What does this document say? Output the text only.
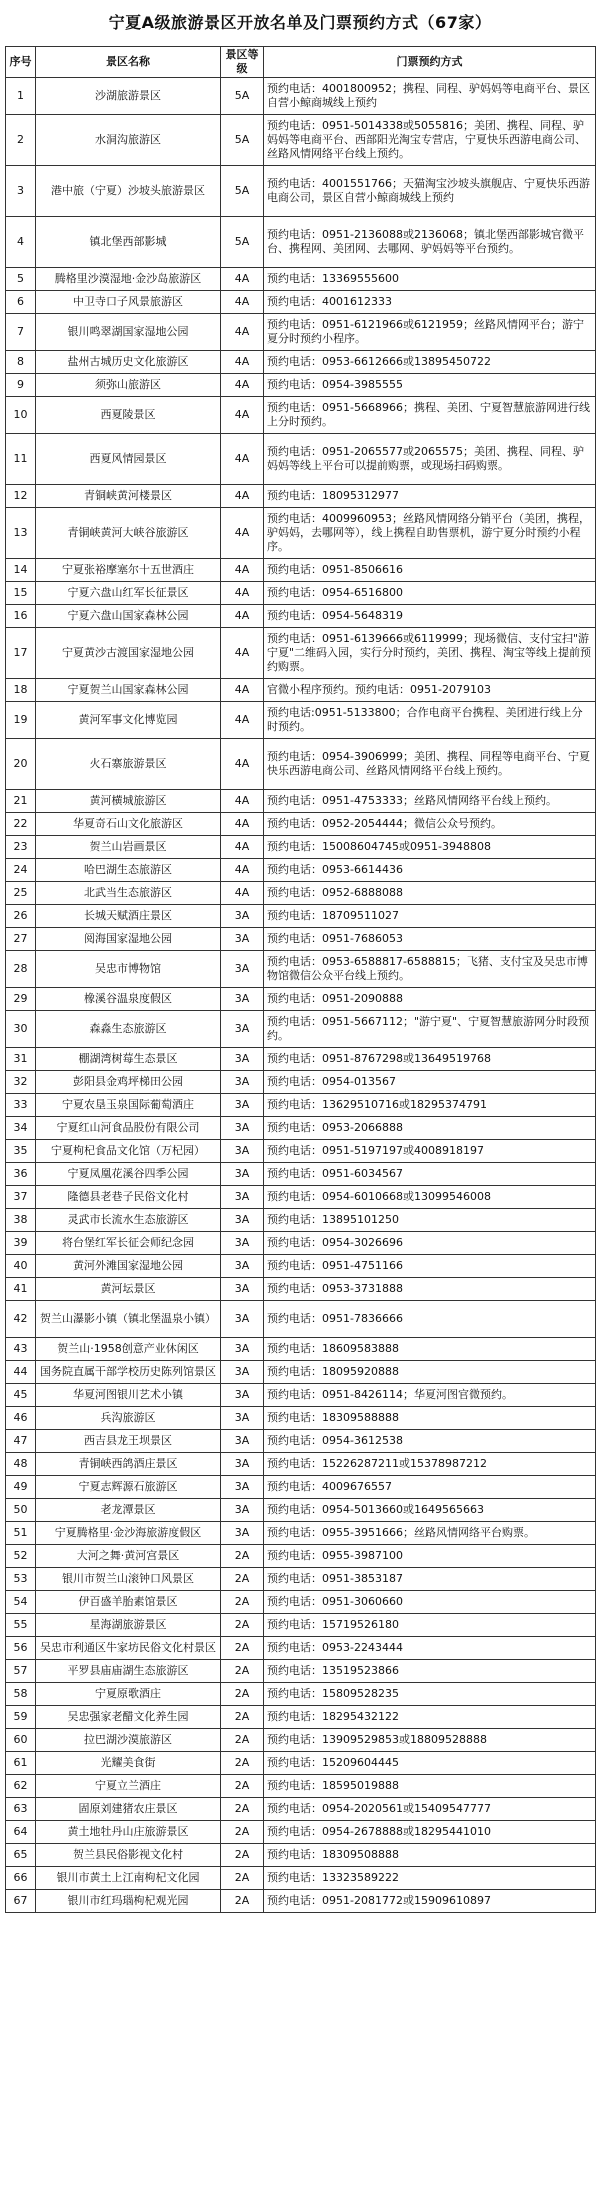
宁夏A级旅游景区开放名单及门票预约方式（67家）
序号	景区名称	景区等级	门票预约方式
1	沙湖旅游景区	5A	预约电话：4001800952；携程、同程、驴妈妈等电商平台、景区自营小鲸商城线上预约
2	水洞沟旅游区	5A	预约电话：0951-5014338或5055816；美团、携程、同程、驴妈妈等电商平台、西部阳光淘宝专营店，宁夏快乐西游电商公司、丝路风情网络平台线上预约。
3	港中旅（宁夏）沙坡头旅游景区	5A	预约电话：4001551766；天猫淘宝沙坡头旗舰店、宁夏快乐西游电商公司，景区自营小鲸商城线上预约
4	镇北堡西部影城	5A	预约电话：0951-2136088或2136068；镇北堡西部影城官微平台、携程网、美团网、去哪网、驴妈妈等平台预约。
5	腾格里沙漠湿地·金沙岛旅游区	4A	预约电话：13369555600
6	中卫寺口子风景旅游区	4A	预约电话：4001612333
7	银川鸣翠湖国家湿地公园	4A	预约电话：0951-6121966或6121959；丝路风情网平台；游宁夏分时预约小程序。
8	盐州古城历史文化旅游区	4A	预约电话：0953-6612666或13895450722
9	须弥山旅游区	4A	预约电话：0954-3985555
10	西夏陵景区	4A	预约电话：0951-5668966；携程、美团、宁夏智慧旅游网进行线上分时预约。
11	西夏风情园景区	4A	预约电话：0951-2065577或2065575；美团、携程、同程、驴妈妈等线上平台可以提前购票，或现场扫码购票。
12	青铜峡黄河楼景区	4A	预约电话：18095312977
13	青铜峡黄河大峡谷旅游区	4A	预约电话：4009960953；丝路风情网络分销平台（美团，携程，驴妈妈，去哪网等），线上携程自助售票机，游宁夏分时预约小程序。
14	宁夏张裕摩塞尔十五世酒庄	4A	预约电话：0951-8506616
15	宁夏六盘山红军长征景区	4A	预约电话：0954-6516800
16	宁夏六盘山国家森林公园	4A	预约电话：0954-5648319
17	宁夏黄沙古渡国家湿地公园	4A	预约电话：0951-6139666或6119999；现场微信、支付宝扫"游宁夏"二维码入园，实行分时预约，美团、携程、淘宝等线上提前预约购票。
18	宁夏贺兰山国家森林公园	4A	官微小程序预约。预约电话：0951-2079103
19	黄河军事文化博览园	4A	预约电话:0951-5133800；合作电商平台携程、美团进行线上分时预约。
20	火石寨旅游景区	4A	预约电话：0954-3906999；美团、携程、同程等电商平台、宁夏快乐西游电商公司、丝路风情网络平台线上预约。
21	黄河横城旅游区	4A	预约电话：0951-4753333；丝路风情网络平台线上预约。
22	华夏奇石山文化旅游区	4A	预约电话：0952-2054444；微信公众号预约。
23	贺兰山岩画景区	4A	预约电话：15008604745或0951-3948808
24	哈巴湖生态旅游区	4A	预约电话：0953-6614436
25	北武当生态旅游区	4A	预约电话：0952-6888088
26	长城天赋酒庄景区	3A	预约电话：18709511027
27	阅海国家湿地公园	3A	预约电话：0951-7686053
28	吴忠市博物馆	3A	预约电话：0953-6588817-6588815；飞猪、支付宝及吴忠市博物馆微信公众平台线上预约。
29	橡溪谷温泉度假区	3A	预约电话：0951-2090888
30	森淼生态旅游区	3A	预约电话：0951-5667112；"游宁夏"、宁夏智慧旅游网分时段预约。
31	棚湖湾树莓生态景区	3A	预约电话：0951-8767298或13649519768
32	彭阳县金鸡坪梯田公园	3A	预约电话：0954-013567
33	宁夏农垦玉泉国际葡萄酒庄	3A	预约电话：13629510716或18295374791
34	宁夏红山河食品股份有限公司	3A	预约电话：0953-2066888
35	宁夏枸杞食品文化馆（万杞园）	3A	预约电话：0951-5197197或4008918197
36	宁夏凤凰花溪谷四季公园	3A	预约电话：0951-6034567
37	隆德县老巷子民俗文化村	3A	预约电话：0954-6010668或13099546008
38	灵武市长流水生态旅游区	3A	预约电话：13895101250
39	将台堡红军长征会师纪念园	3A	预约电话：0954-3026696
40	黄河外滩国家湿地公园	3A	预约电话：0951-4751166
41	黄河坛景区	3A	预约电话：0953-3731888
42	贺兰山瀑影小镇（镇北堡温泉小镇）	3A	预约电话：0951-7836666
43	贺兰山·1958创意产业休闲区	3A	预约电话：18609583888
44	国务院直属干部学校历史陈列馆景区	3A	预约电话：18095920888
45	华夏河图银川艺术小镇	3A	预约电话：0951-8426114；华夏河图官微预约。
46	兵沟旅游区	3A	预约电话：18309588888
47	西吉县龙王坝景区	3A	预约电话：0954-3612538
48	青铜峡西鸽酒庄景区	3A	预约电话：15226287211或15378987212
49	宁夏志辉源石旅游区	3A	预约电话：4009676557
50	老龙潭景区	3A	预约电话：0954-5013660或1649565663
51	宁夏腾格里·金沙海旅游度假区	3A	预约电话：0955-3951666；丝路风情网络平台购票。
52	大河之舞·黄河宫景区	2A	预约电话：0955-3987100
53	银川市贺兰山滚钟口风景区	2A	预约电话：0951-3853187
54	伊百盛羊胎素馆景区	2A	预约电话：0951-3060660
55	星海湖旅游景区	2A	预约电话：15719526180
56	吴忠市利通区牛家坊民俗文化村景区	2A	预约电话：0953-2243444
57	平罗县庙庙湖生态旅游区	2A	预约电话：13519523866
58	宁夏原歌酒庄	2A	预约电话：15809528235
59	吴忠强家老醋文化养生园	2A	预约电话：18295432122
60	拉巴湖沙漠旅游区	2A	预约电话：13909529853或18809528888
61	光耀美食街	2A	预约电话：15209604445
62	宁夏立兰酒庄	2A	预约电话：18595019888
63	固原刘建猪农庄景区	2A	预约电话：0954-2020561或15409547777
64	黄土地牡丹山庄旅游景区	2A	预约电话：0954-2678888或18295441010
65	贺兰县民俗影视文化村	2A	预约电话：18309508888
66	银川市黄土上江南枸杞文化园	2A	预约电话：13323589222
67	银川市红玛瑙枸杞观光园	2A	预约电话：0951-2081772或15909610897
